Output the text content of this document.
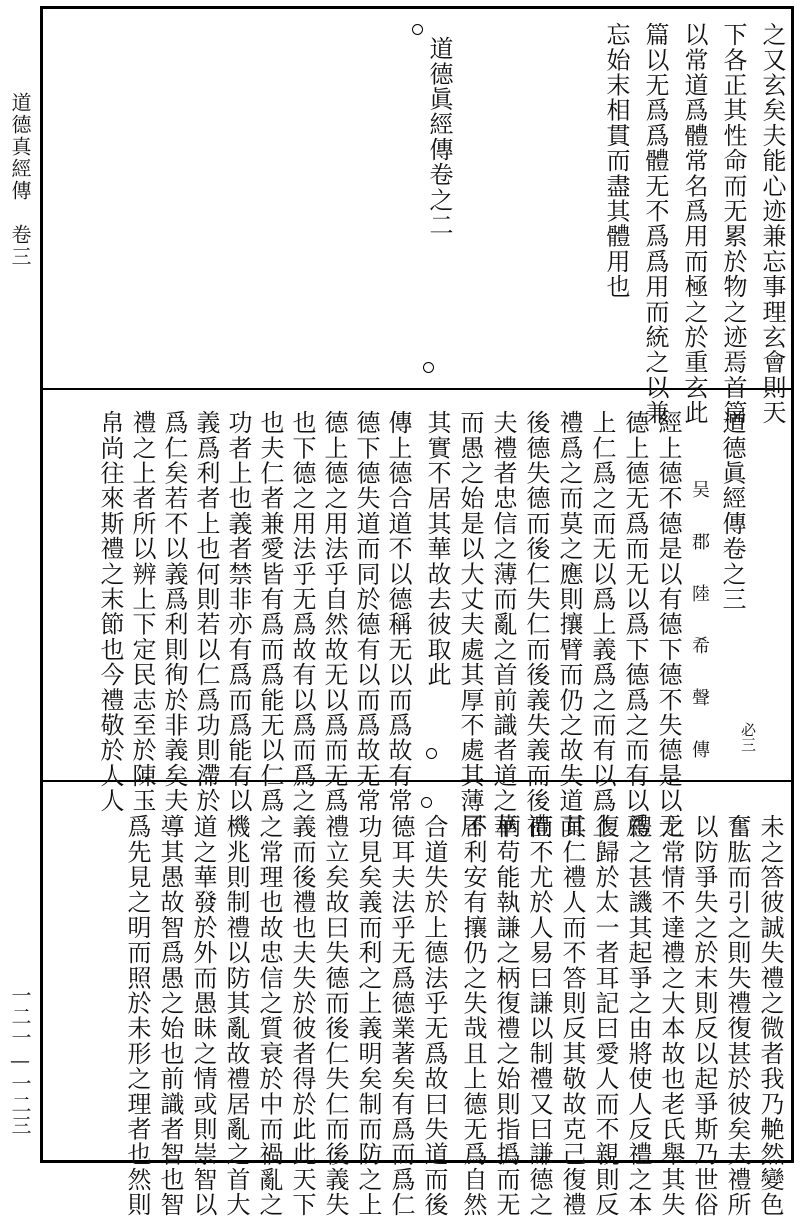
道德真經傳　卷三
一二一—一二三
之又玄矣夫能心迹兼忘事理玄會則天
下各正其性命而无累於物之迹焉首篇
以常道爲體常名爲用而極之於重玄此
篇以无爲爲體无不爲爲用而統之以兼
忘始末相貫而盡其體用也
道德眞經傳卷之二
道德眞經傳卷之三
吴　郡　陸　希　聲　傳 必三
經上德不德是以有德下德不失德是以无
德上德无爲而无以爲下德爲之而有以爲
上仁爲之而无以爲上義爲之而有以爲上
禮爲之而莫之應則攘臂而仍之故失道而
後德失德而後仁失仁而後義失義而後禮
夫禮者忠信之薄而亂之首前識者道之華
而愚之始是以大丈夫處其厚不處其薄居
其實不居其華故去彼取此
傳上德合道不以德稱无以而爲故有常
德下德失道而同於德有以而爲故无常
德上德之用法乎自然故无以爲而无爲
也下德之用法乎无爲故有以爲而爲之
也夫仁者兼愛皆有爲而爲能无以仁爲
功者上也義者禁非亦有爲而爲能有以
義爲利者上也何則若以仁爲功則滯於
爲仁矣若不以義爲利則徇於非義矣夫
禮之上者所以辨上下定民志至於陳玉
帛尚往來斯禮之末節也今禮敬於人人
未之答彼誠失禮之微者我乃艴然變色
奮肱而引之則失禮復甚於彼矣夫禮所
以防爭失之於末則反以起爭斯乃世俗
之常情不達禮之大本故也老氏舉其失
禮之甚譏其起爭之由將使人反禮之本
復歸於太一者耳記曰愛人而不親則反
其仁禮人而不答則反其敬故克己復禮
而不尤於人易曰謙以制禮又曰謙德之
柄苟能執謙之柄復禮之始則指撝而无
不利安有攘仍之失哉且上德无爲自然
合道失於上德法乎无爲故曰失道而後
德耳夫法乎无爲德業著矣有爲而爲仁
功見矣義而利之上義明矣制而防之上
禮立矣故曰失德而後仁失仁而後義失
義而後禮也夫失於彼者得於此此天下
之常理也故忠信之質衰於中而禍亂之
機兆則制禮以防其亂故禮居亂之首大
道之華發於外而愚昧之情或則崇智以
導其愚故智爲愚之始也前識者智也智
爲先見之明而照於未形之理者也然則
